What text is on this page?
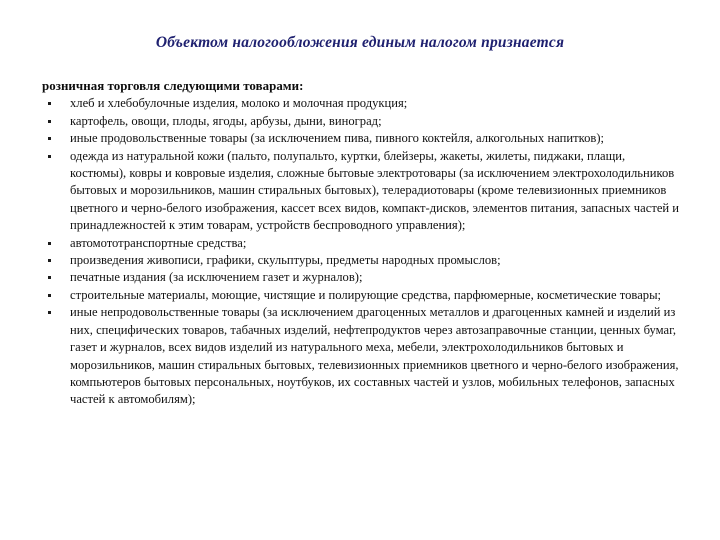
Объектом налогообложения единым налогом признается
розничная торговля следующими товарами:
хлеб и хлебобулочные изделия, молоко и молочная продукция;
картофель, овощи, плоды, ягоды, арбузы, дыни, виноград;
иные продовольственные товары (за исключением пива, пивного коктейля, алкогольных напитков);
одежда из натуральной кожи (пальто, полупальто, куртки, блейзеры, жакеты, жилеты, пиджаки, плащи, костюмы), ковры и ковровые изделия, сложные бытовые электротовары (за исключением электрохолодильников бытовых и морозильников, машин стиральных бытовых), телерадиотовары (кроме телевизионных приемников цветного и черно-белого изображения, кассет всех видов, компакт-дисков, элементов питания, запасных частей и принадлежностей к этим товарам, устройств беспроводного управления);
автомототранспортные средства;
произведения живописи, графики, скульптуры, предметы народных промыслов;
печатные издания (за исключением газет и журналов);
строительные материалы, моющие, чистящие и полирующие средства, парфюмерные, косметические товары;
иные непродовольственные товары (за исключением драгоценных металлов и драгоценных камней и изделий из них, специфических товаров, табачных изделий, нефтепродуктов через автозаправочные станции, ценных бумаг, газет и журналов, всех видов изделий из натурального меха, мебели, электрохолодильников бытовых и морозильников, машин стиральных бытовых, телевизионных приемников цветного и черно-белого изображения, компьютеров бытовых персональных, ноутбуков, их составных частей и узлов, мобильных телефонов, запасных частей к автомобилям);
